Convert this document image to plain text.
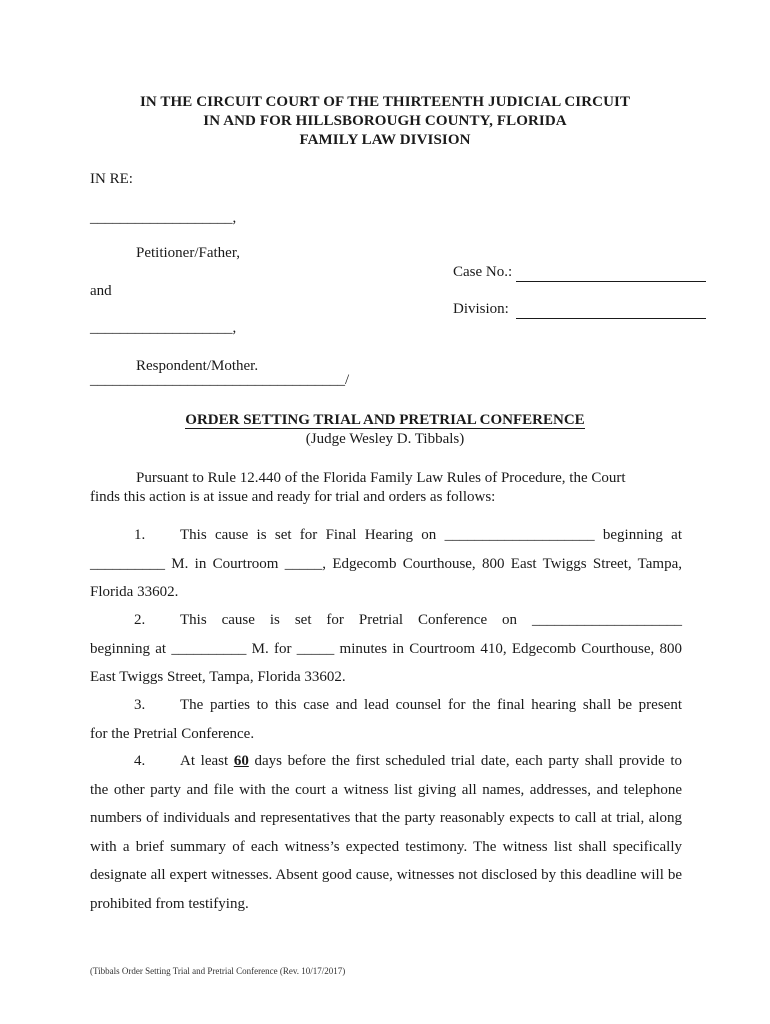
IN THE CIRCUIT COURT OF THE THIRTEENTH JUDICIAL CIRCUIT
IN AND FOR HILLSBOROUGH COUNTY, FLORIDA
FAMILY LAW DIVISION
IN RE:
___________________,
Petitioner/Father,
and
___________________,
Respondent/Mother.
__________________________________/
Case No.:
Division:
ORDER SETTING TRIAL AND PRETRIAL CONFERENCE
(Judge Wesley D. Tibbals)
Pursuant to Rule 12.440 of the Florida Family Law Rules of Procedure, the Court
finds this action is at issue and ready for trial and orders as follows:

1. This cause is set for Final Hearing on ____________________ beginning at

__________ M. in Courtroom _____, Edgecomb Courthouse, 800 East Twiggs Street, Tampa, Florida 33602.

2. This cause is set for Pretrial Conference on ____________________

beginning at __________ M. for _____ minutes in Courtroom 410, Edgecomb Courthouse, 800 East Twiggs Street, Tampa, Florida 33602.

3. The parties to this case and lead counsel for the final hearing shall be present

for the Pretrial Conference.

4. At least 60 days before the first scheduled trial date, each party shall provide to

the other party and file with the court a witness list giving all names, addresses, and telephone numbers of individuals and representatives that the party reasonably expects to call at trial, along with a brief summary of each witness’s expected testimony. The witness list shall specifically designate all expert witnesses. Absent good cause, witnesses not disclosed by this deadline will be prohibited from testifying.

(Tibbals Order Setting Trial and Pretrial Conference (Rev. 10/17/2017)
